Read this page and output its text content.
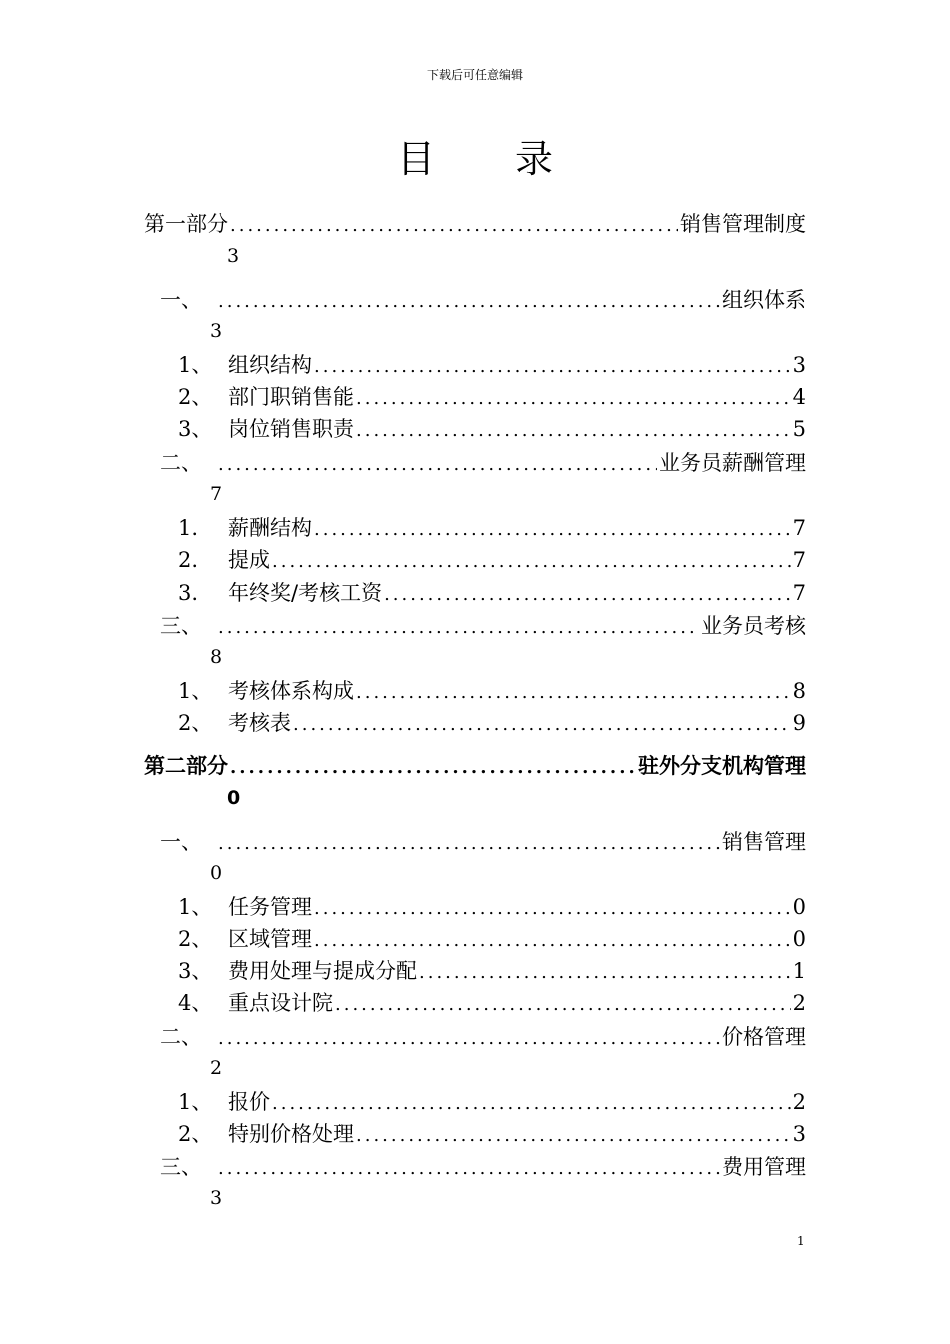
下载后可任意编辑
目录
第一部分 .....	销售管理制度
3
一、 .....	组织体系
3
1、 组织结构 .....	3
2、 部门职销售能 .....	4
3、 岗位销售职责 .....	5
二、 .....	业务员薪酬管理
7
1.	薪酬结构 .....	7
2.	提成 .....	7
3.	年终奖/考核工资 .....	7
三、 .....	业务员考核
8
1、 考核体系构成 .....	8
2、 考核表 .....	9
第二部分 .....	驻外分支机构管理
0
一、 .....	销售管理
0
1、 任务管理 .....	0
2、 区域管理 .....	0
3、 费用处理与提成分配 .....	1
4、 重点设计院 .....	2
二、 .....	价格管理
2
1、 报价 .....	2
2、 特别价格处理 .....	3
三、 .....	费用管理
3
1
